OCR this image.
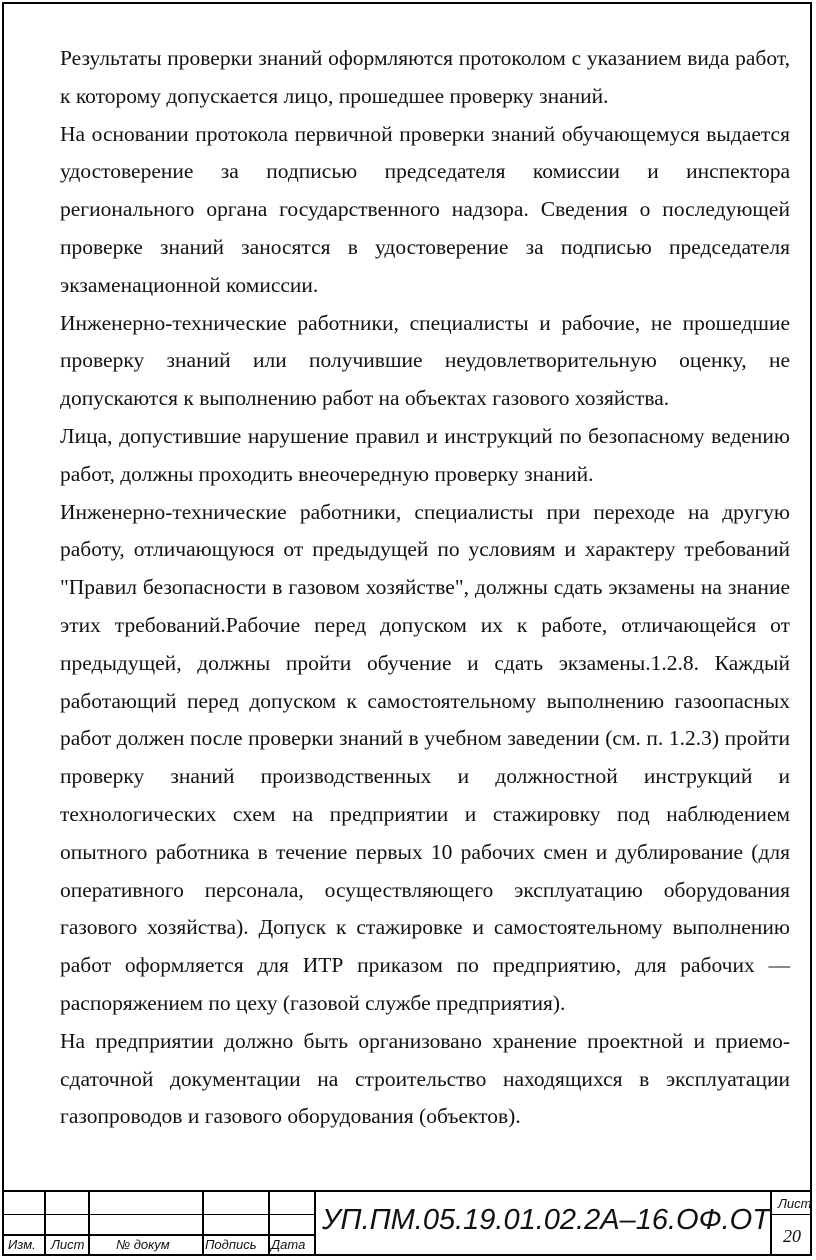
Результаты проверки знаний оформляются протоколом с указанием вида работ, к которому допускается лицо, прошедшее проверку знаний.

На основании протокола первичной проверки знаний обучающемуся выдается удостоверение за подписью председателя комиссии и инспектора регионального органа государственного надзора. Сведения о последующей проверке знаний заносятся в удостоверение за подписью председателя экзаменационной комиссии.

Инженерно-технические работники, специалисты и рабочие, не прошедшие проверку знаний или получившие неудовлетворительную оценку, не допускаются к выполнению работ на объектах газового хозяйства.

Лица, допустившие нарушение правил и инструкций по безопасному ведению работ, должны проходить внеочередную проверку знаний.

Инженерно-технические работники, специалисты при переходе на другую работу, отличающуюся от предыдущей по условиям и характеру требований "Правил безопасности в газовом хозяйстве", должны сдать экзамены на знание этих требований.Рабочие перед допуском их к работе, отличающейся от предыдущей, должны пройти обучение и сдать экзамены.1.2.8. Каждый работающий перед допуском к самостоятельному выполнению газоопасных работ должен после проверки знаний в учебном заведении (см. п. 1.2.3) пройти проверку знаний производственных и должностной инструкций и технологических схем на предприятии и стажировку под наблюдением опытного работника в течение первых 10 рабочих смен и дублирование (для оперативного персонала, осуществляющего эксплуатацию оборудования газового хозяйства). Допуск к стажировке и самостоятельному выполнению работ оформляется для ИТР приказом по предприятию, для рабочих — распоряжением по цеху (газовой службе предприятия).

На предприятии должно быть организовано хранение проектной и приемо-сдаточной документации на строительство находящихся в эксплуатации газопроводов и газового оборудования (объектов).

Изм. Лист № докум	Подпись Дата
УП.ПМ.05.19.01.02.2А–16.ОФ.ОТ
Лист
20
